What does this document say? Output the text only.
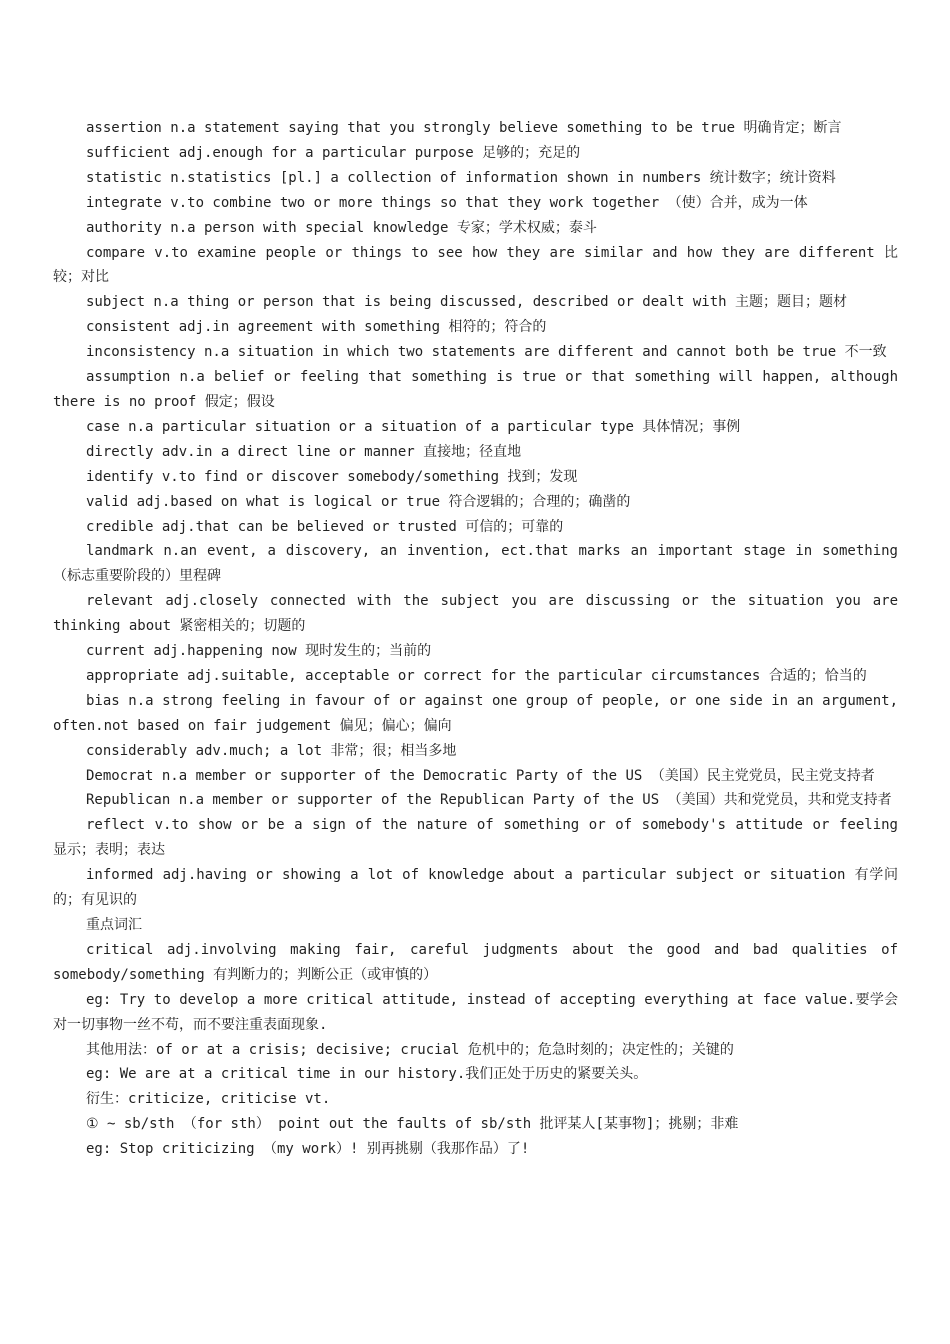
assertion n.a statement saying that you strongly believe something to be true 明确肯定；断言

sufficient adj.enough for a particular purpose 足够的；充足的

statistic n.statistics [pl.] a collection of information shown in numbers 统计数字；统计资料

integrate v.to combine two or more things so that they work together （使）合并，成为一体

authority n.a person with special knowledge 专家；学术权威；泰斗

compare v.to examine people or things to see how they are similar and how they are different 比较；对比

subject n.a thing or person that is being discussed, described or dealt with 主题；题目；题材

consistent adj.in agreement with something 相符的；符合的

inconsistency n.a situation in which two statements are different and cannot both be true 不一致

assumption n.a belief or feeling that something is true or that something will happen, although there is no proof 假定；假设

case n.a particular situation or a situation of a particular type 具体情况；事例

directly adv.in a direct line or manner 直接地；径直地

identify v.to find or discover somebody/something 找到；发现

valid adj.based on what is logical or true 符合逻辑的；合理的；确凿的

credible adj.that can be believed or trusted 可信的；可靠的

landmark n.an event, a discovery, an invention, ect.that marks an important stage in something （标志重要阶段的）里程碑

relevant adj.closely connected with the subject you are discussing or the situation you are thinking about 紧密相关的；切题的

current adj.happening now 现时发生的；当前的

appropriate adj.suitable, acceptable or correct for the particular circumstances 合适的；恰当的

bias n.a strong feeling in favour of or against one group of people, or one side in an argument, often.not based on fair judgement 偏见；偏心；偏向

considerably adv.much; a lot 非常；很；相当多地

Democrat n.a member or supporter of the Democratic Party of the US （美国）民主党党员，民主党支持者

Republican n.a member or supporter of the Republican Party of the US （美国）共和党党员，共和党支持者

reflect v.to show or be a sign of the nature of something or of somebody's attitude or feeling 显示；表明；表达

informed adj.having or showing a lot of knowledge about a particular subject or situation 有学问的；有见识的

重点词汇

critical adj.involving making fair, careful judgments about the good and bad qualities of somebody/something 有判断力的；判断公正（或审慎的）

eg: Try to develop a more critical attitude, instead of accepting everything at face value.要学会对一切事物一丝不苟，而不要注重表面现象.

其他用法：of or at a crisis; decisive; crucial 危机中的；危急时刻的；决定性的；关键的

eg: We are at a critical time in our history.我们正处于历史的紧要关头。

衍生：criticize, criticise vt.

① ~ sb/sth （for sth） point out the faults of sb/sth 批评某人[某事物]；挑剔；非难

eg: Stop criticizing （my work）! 别再挑剔（我那作品）了!
